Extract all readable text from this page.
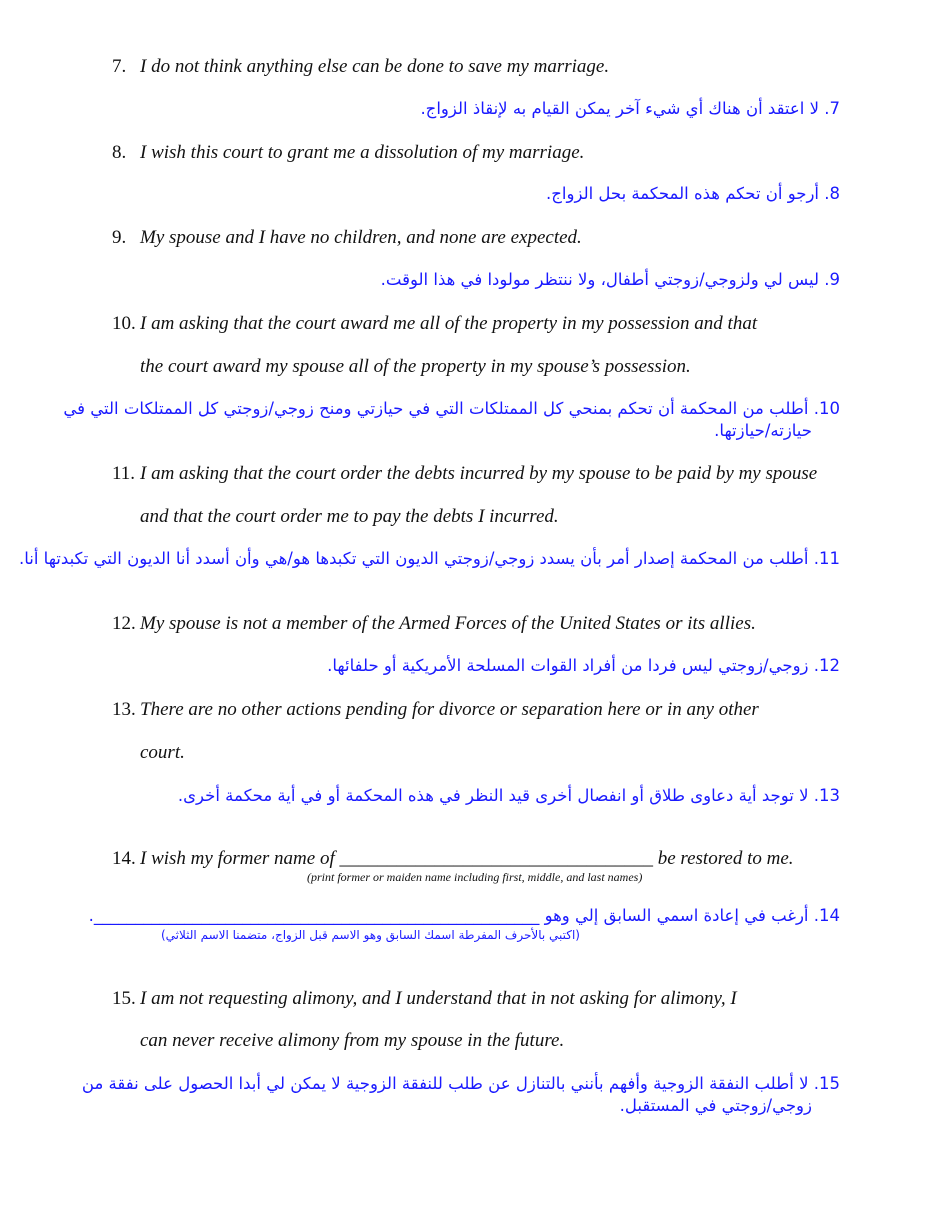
7. I do not think anything else can be done to save my marriage.
7. لا اعتقد أن هناك أي شيء آخر يمكن القيام به لإنقاذ الزواج.
8. I wish this court to grant me a dissolution of my marriage.
8. أرجو أن تحكم هذه المحكمة بحل الزواج.
9. My spouse and I have no children, and none are expected.
9. ليس لي ولزوجي/زوجتي أطفال، ولا ننتظر مولودا في هذا الوقت.
10. I am asking that the court award me all of the property in my possession and that
the court award my spouse all of the property in my spouse’s possession.
10. أطلب من المحكمة أن تحكم بمنحي كل الممتلكات التي في حيازتي ومنح زوجي/زوجتي كل الممتلكات التي في
حيازته/حيازتها.
11. I am asking that the court order the debts incurred by my spouse to be paid by my spouse
and that the court order me to pay the debts I incurred.
11. أطلب من المحكمة إصدار أمر بأن يسدد زوجي/زوجتي الديون التي تكبدها هو/هي وأن أسدد أنا الديون التي تكبدتها أنا.
12. My spouse is not a member of the Armed Forces of the United States or its allies.
12. زوجي/زوجتي ليس فردا من أفراد القوات المسلحة الأمريكية أو حلفائها.
13. There are no other actions pending for divorce or separation here or in any other
court.
13. لا توجد أية دعاوى طلاق أو انفصال أخرى قيد النظر في هذه المحكمة أو في أية محكمة أخرى.
14. I wish my former name of _________________________________ be restored to me.
(print former or maiden name including first, middle, and last names)
14. أرغب في إعادة اسمي السابق إلي وهو ______________________________________________________.
(اكتبي بالأحرف المفرطة اسمك السابق وهو الاسم قبل الزواج، متضمنا الاسم الثلاثي)
15. I am not requesting alimony, and I understand that in not asking for alimony, I
can never receive alimony from my spouse in the future.
15. لا أطلب النفقة الزوجية وأفهم بأنني بالتنازل عن طلب للنفقة الزوجية لا يمكن لي أبدا الحصول على نفقة من
زوجي/زوجتي في المستقبل.
